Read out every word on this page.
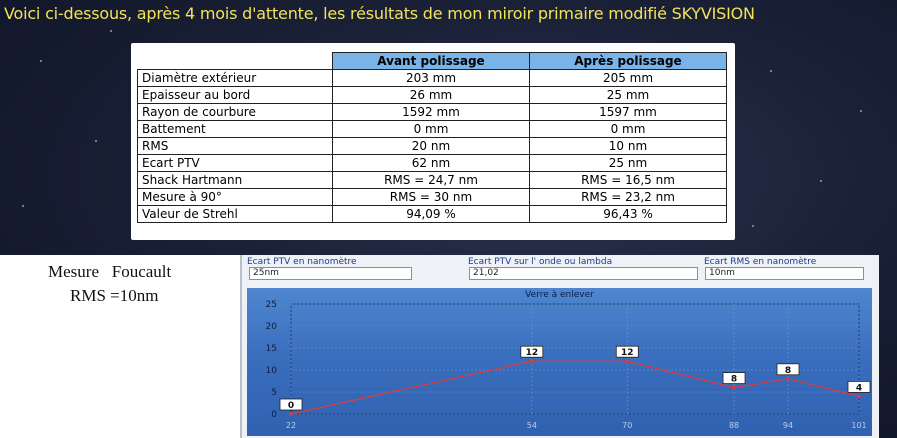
Voici ci-dessous, après 4 mois d'attente, les résultats de mon miroir primaire modifié SKYVISION
	Avant polissage	Après polissage
Diamètre extérieur	203 mm	205 mm
Epaisseur au bord	26 mm	25 mm
Rayon de courbure	1592 mm	1597 mm
Battement	0 mm	0 mm
RMS	20 nm	10 nm
Ecart PTV	62 nm	25 nm
Shack Hartmann	RMS = 24,7 nm	RMS = 16,5 nm
Mesure à 90°	RMS = 30 nm	RMS = 23,2 nm
Valeur de Strehl	94,09 %	96,43 %
Mesure   Foucault
RMS =10nm
Ecart PTV en nanomètre
25nm
Ecart PTV sur l' onde ou lambda
21,02
Ecart RMS en nanomètre
10nm
Verre à enlever
0
5
10
15
20
25
22	54	70	88	94	101
0
12	12
8
8
4
